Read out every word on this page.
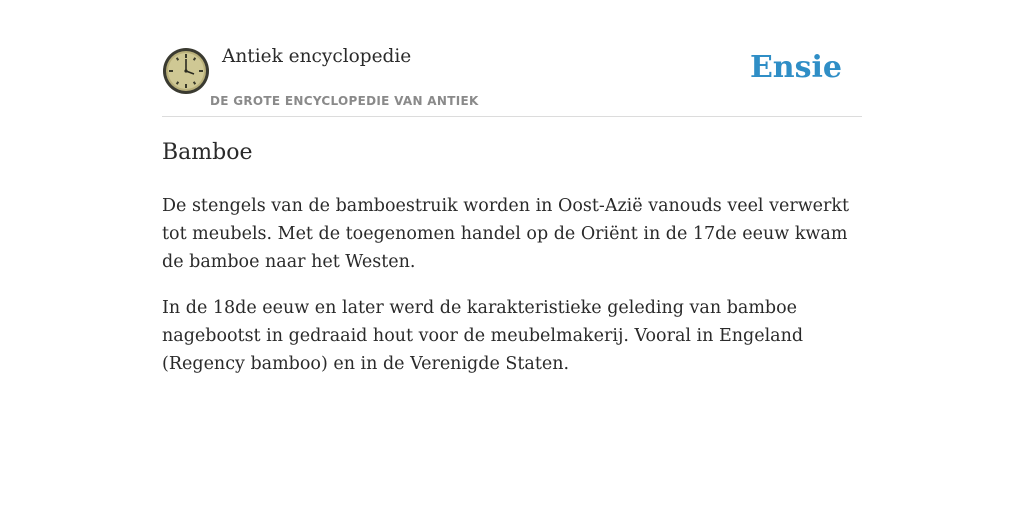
Antiek encyclopedie
DE GROTE ENCYCLOPEDIE VAN ANTIEK
Ensie
Bamboe

De stengels van de bamboestruik worden in Oost-Azië vanouds veel verwerkt tot meubels. Met de toegenomen handel op de Oriënt in de 17de eeuw kwam de bamboe naar het Westen.

In de 18de eeuw en later werd de karakteristieke geleding van bamboe nagebootst in gedraaid hout voor de meubelmakerij. Vooral in Engeland (Regency bamboo) en in de Verenigde Staten.
